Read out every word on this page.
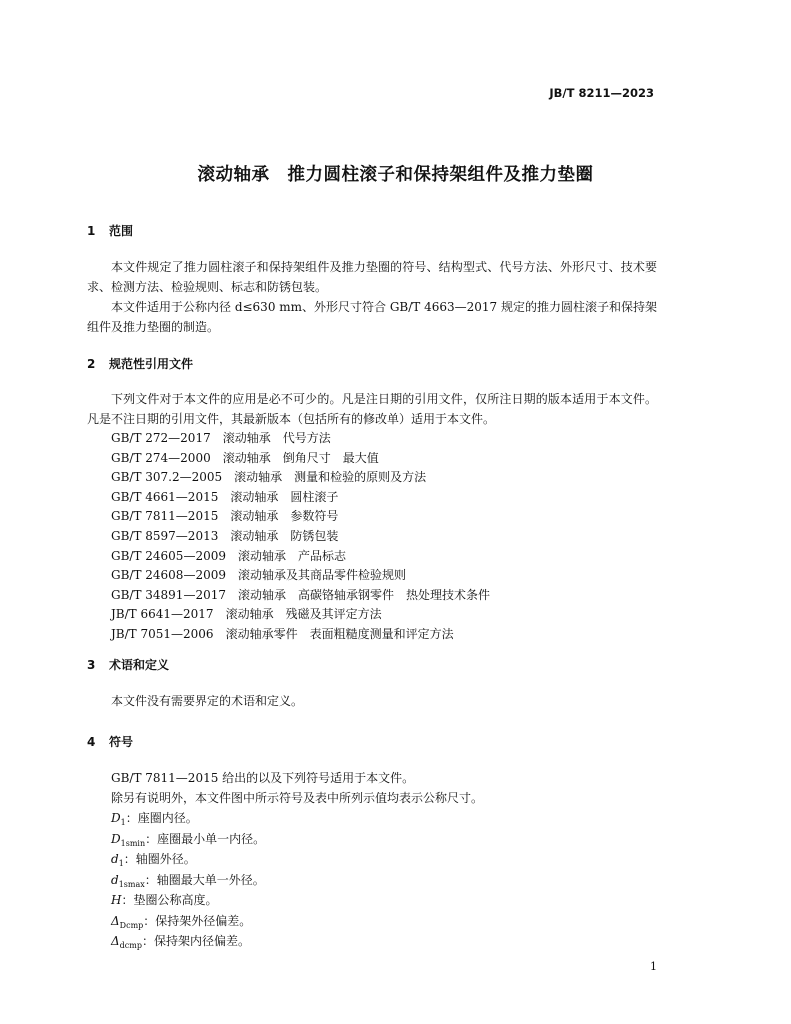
JB/T 8211—2023
滚动轴承　推力圆柱滚子和保持架组件及推力垫圈
1 范围
本文件规定了推力圆柱滚子和保持架组件及推力垫圈的符号、结构型式、代号方法、外形尺寸、技术要求、检测方法、检验规则、标志和防锈包装。
本文件适用于公称内径 d≤630 mm、外形尺寸符合 GB/T 4663—2017 规定的推力圆柱滚子和保持架组件及推力垫圈的制造。
2 规范性引用文件
下列文件对于本文件的应用是必不可少的。凡是注日期的引用文件，仅所注日期的版本适用于本文件。凡是不注日期的引用文件，其最新版本（包括所有的修改单）适用于本文件。
GB/T 272—2017　滚动轴承　代号方法
GB/T 274—2000　滚动轴承　倒角尺寸　最大值
GB/T 307.2—2005　滚动轴承　测量和检验的原则及方法
GB/T 4661—2015　滚动轴承　圆柱滚子
GB/T 7811—2015　滚动轴承　参数符号
GB/T 8597—2013　滚动轴承　防锈包装
GB/T 24605—2009　滚动轴承　产品标志
GB/T 24608—2009　滚动轴承及其商品零件检验规则
GB/T 34891—2017　滚动轴承　高碳铬轴承钢零件　热处理技术条件
JB/T 6641—2017　滚动轴承　残磁及其评定方法
JB/T 7051—2006　滚动轴承零件　表面粗糙度测量和评定方法
3 术语和定义
本文件没有需要界定的术语和定义。
4 符号
GB/T 7811—2015 给出的以及下列符号适用于本文件。
除另有说明外，本文件图中所示符号及表中所列示值均表示公称尺寸。
$D_1$：座圈内径。
$D_{1smin}$：座圈最小单一内径。
$d_1$：轴圈外径。
$d_{1smax}$：轴圈最大单一外径。
H：垫圈公称高度。
$\Delta_{Dcmp}$：保持架外径偏差。
$\Delta_{dcmp}$：保持架内径偏差。
1
